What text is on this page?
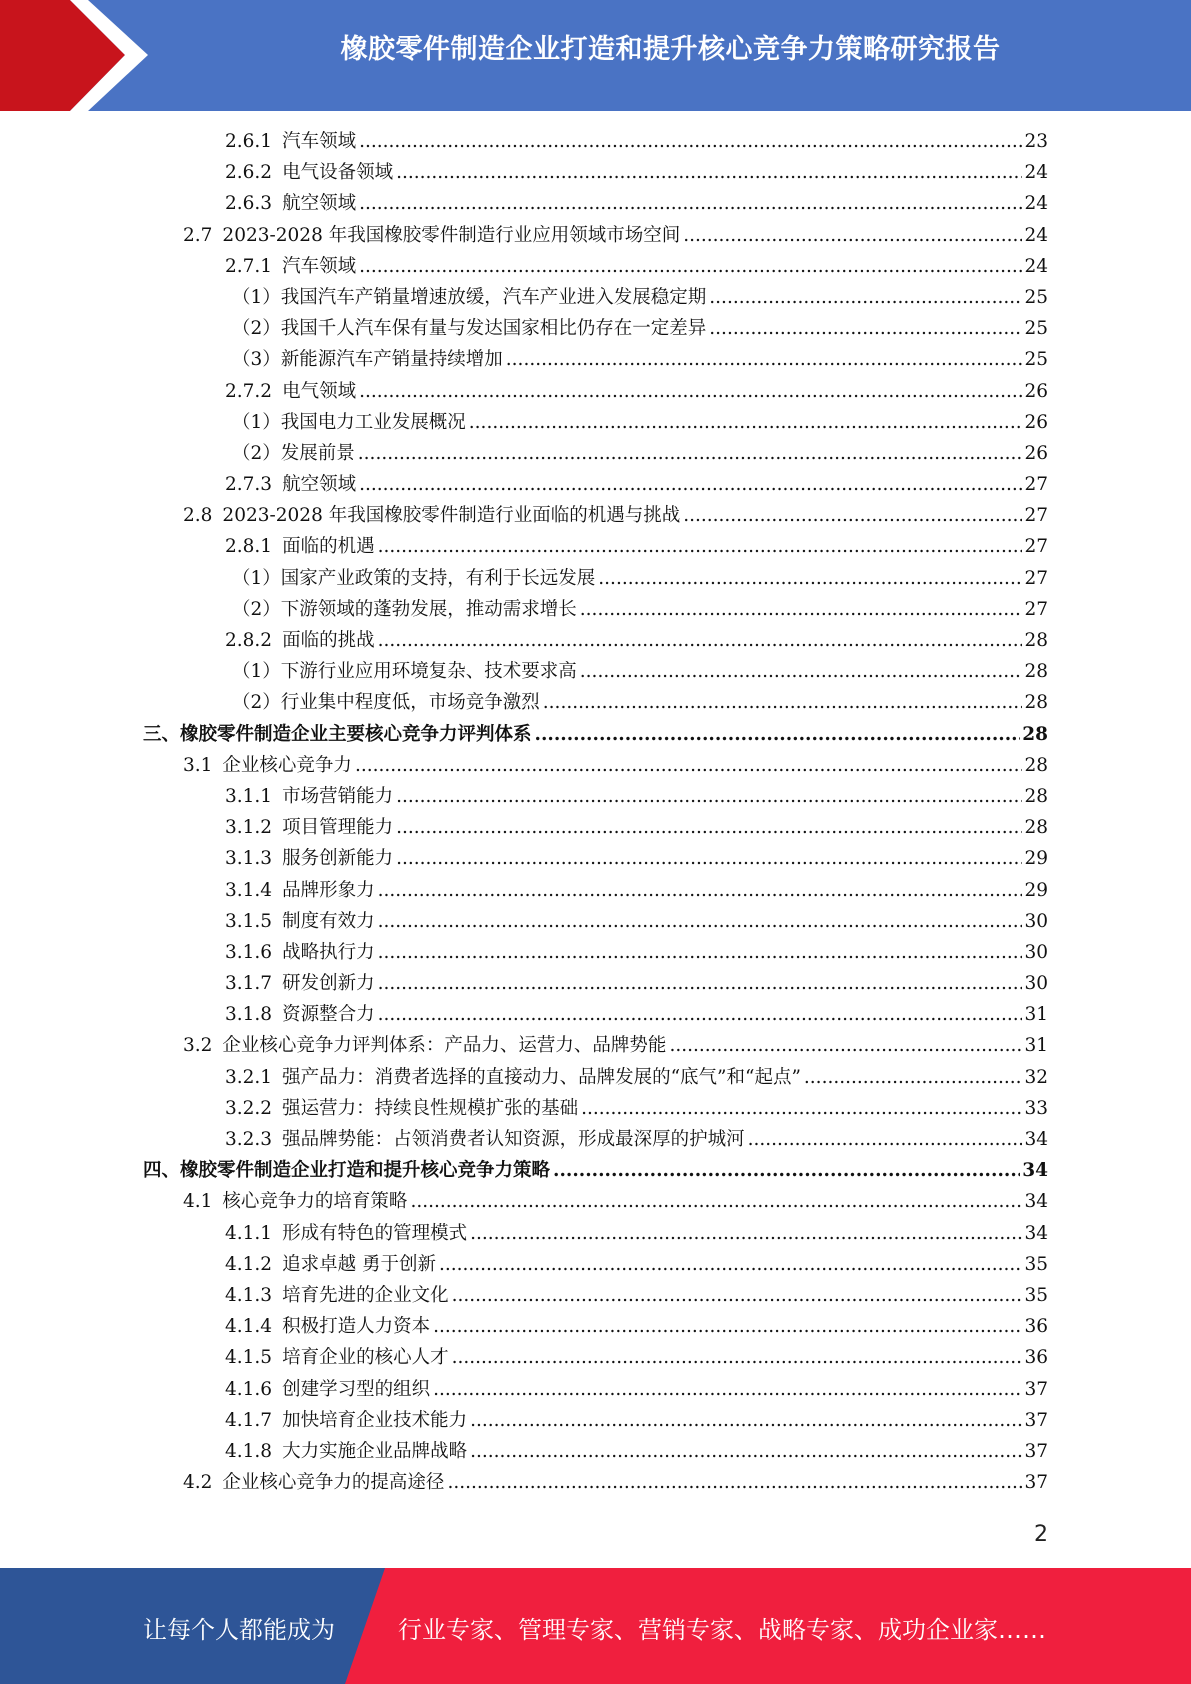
橡胶零件制造企业打造和提升核心竞争力策略研究报告
2.6.1 汽车领域 .....	23
2.6.2 电气设备领域 .....	24
2.6.3 航空领域 .....	24
2.7 2023-2028 年我国橡胶零件制造行业应用领域市场空间 .....	24
2.7.1 汽车领域 .....	24
（1） 我国汽车产销量增速放缓，汽车产业进入发展稳定期 .....	25
（2） 我国千人汽车保有量与发达国家相比仍存在一定差异 .....	25
（3） 新能源汽车产销量持续增加 .....	25
2.7.2 电气领域 .....	26
（1） 我国电力工业发展概况 .....	26
（2） 发展前景 .....	26
2.7.3 航空领域 .....	27
2.8 2023-2028 年我国橡胶零件制造行业面临的机遇与挑战 .....	27
2.8.1 面临的机遇 .....	27
（1） 国家产业政策的支持，有利于长远发展 .....	27
（2） 下游领域的蓬勃发展，推动需求增长 .....	27
2.8.2 面临的挑战 .....	28
（1） 下游行业应用环境复杂、技术要求高 .....	28
（2） 行业集中程度低，市场竞争激烈 .....	28
三、 橡胶零件制造企业主要核心竞争力评判体系 .....	28
3.1 企业核心竞争力 .....	28
3.1.1 市场营销能力 .....	28
3.1.2 项目管理能力 .....	28
3.1.3 服务创新能力 .....	29
3.1.4 品牌形象力 .....	29
3.1.5 制度有效力 .....	30
3.1.6 战略执行力 .....	30
3.1.7 研发创新力 .....	30
3.1.8 资源整合力 .....	31
3.2 企业核心竞争力评判体系：产品力、运营力、品牌势能 .....	31
3.2.1 强产品力：消费者选择的直接动力、品牌发展的“底气”和“起点” .....	32
3.2.2 强运营力：持续良性规模扩张的基础 .....	33
3.2.3 强品牌势能：占领消费者认知资源，形成最深厚的护城河 .....	34
四、 橡胶零件制造企业打造和提升核心竞争力策略 .....	34
4.1 核心竞争力的培育策略 .....	34
4.1.1 形成有特色的管理模式 .....	34
4.1.2 追求卓越 勇于创新 .....	35
4.1.3 培育先进的企业文化 .....	35
4.1.4 积极打造人力资本 .....	36
4.1.5 培育企业的核心人才 .....	36
4.1.6 创建学习型的组织 .....	37
4.1.7 加快培育企业技术能力 .....	37
4.1.8 大力实施企业品牌战略 .....	37
4.2 企业核心竞争力的提高途径 .....	37
2
让每个人都能成为	行业专家、管理专家、营销专家、战略专家、成功企业家……
